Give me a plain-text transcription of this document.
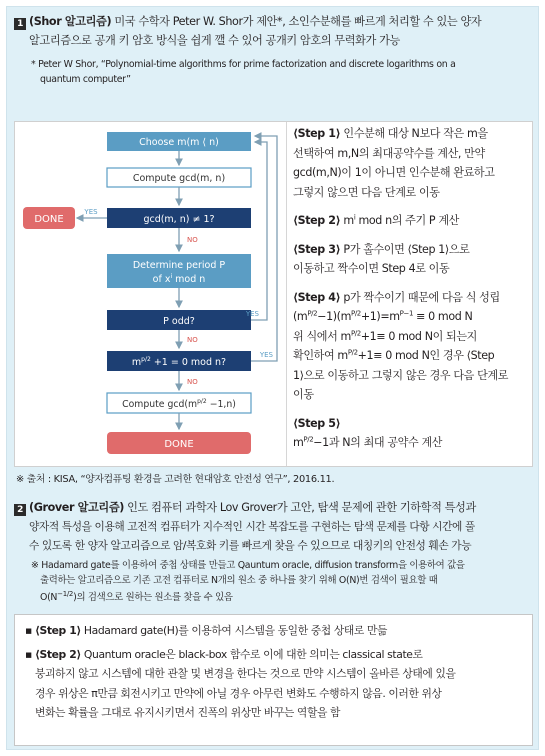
1 (Shor 알고리즘) 미국 수학자 Peter W. Shor가 제안*, 소인수분해를 빠르게 처리할 수 있는 양자
알고리즘으로 공개 키 암호 방식을 쉽게 깰 수 있어 공개키 암호의 무력화가 가능
* Peter W Shor, “Polynomial-time algorithms for prime factorization and discrete logarithms on a
quantum computer”
Choose m(m ⟨ n)
Compute gcd(m, n)
gcd(m, n) ≠ 1?
YES
DONE
NO
Determine period P
of $x^i$ mod n
P odd?
YES
NO
$m^{p/2} +1 = 0$ mod n?
YES
NO
Compute $\gcd(m^{p/2} -1,n)$
DONE
⟨Step 1⟩ 인수분해 대상 N보다 작은 m을
선택하여 m,N의 최대공약수를 계산, 만약
gcd(m,N)이 1이 아니면 인수분해 완료하고
그렇지 않으면 다음 단계로 이동
⟨Step 2⟩ $m^i$ mod n의 주기 P 계산
⟨Step 3⟩ P가 홀수이면 ⟨Step 1⟩으로
이동하고 짝수이면 Step 4로 이동
⟨Step 4⟩ p가 짝수이기 때문에 다음 식 성립
$(m^{P/2}-1)(m^{P/2}+1)=m^{P-1} \equiv 0$ mod N
위 식에서 $m^{P/2}+1\equiv 0$ mod N이 되는지
확인하여 $m^{P/2}+1\equiv 0$ mod N인 경우 ⟨Step
1⟩으로 이동하고 그렇지 않은 경우 다음 단계로
이동
⟨Step 5⟩
$m^{P/2}-1$과 N의 최대 공약수 계산
※ 출처 : KISA, “양자컴퓨팅 환경을 고려한 현대암호 안전성 연구”, 2016.11.
2 (Grover 알고리즘) 인도 컴퓨터 과학자 Lov Grover가 고안, 탐색 문제에 관한 기하학적 특성과
양자적 특성을 이용해 고전적 컴퓨터가 지수적인 시간 복잡도를 구현하는 탐색 문제를 다항 시간에 풀
수 있도록 한 양자 알고리즘으로 암/복호화 키를 빠르게 찾을 수 있으므로 대칭키의 안전성 훼손 가능
※ Hadamard gate를 이용하여 중첩 상태를 만들고 Qauntum oracle, diffusion transform을 이용하여 값을
출력하는 알고리즘으로 기존 고전 컴퓨터로 N개의 원소 중 하나를 찾기 위해 O(N)번 검색이 필요할 때
$O(N^{-1/2})$의 검색으로 원하는 원소를 찾을 수 있음
▪ ⟨Step 1⟩ Hadamard gate(H)를 이용하여 시스템을 동일한 중첩 상태로 만듦
▪ ⟨Step 2⟩ Quantum oracle은 black-box 함수로 이에 대한 의미는 classical state로
붕괴하지 않고 시스템에 대한 관찰 및 변경을 한다는 것으로 만약 시스템이 올바른 상태에 있을
경우 위상은 π만큼 회전시키고 만약에 아닐 경우 아무런 변화도 수행하지 않음. 이러한 위상
변화는 확률을 그대로 유지시키면서 진폭의 위상만 바꾸는 역할을 함
